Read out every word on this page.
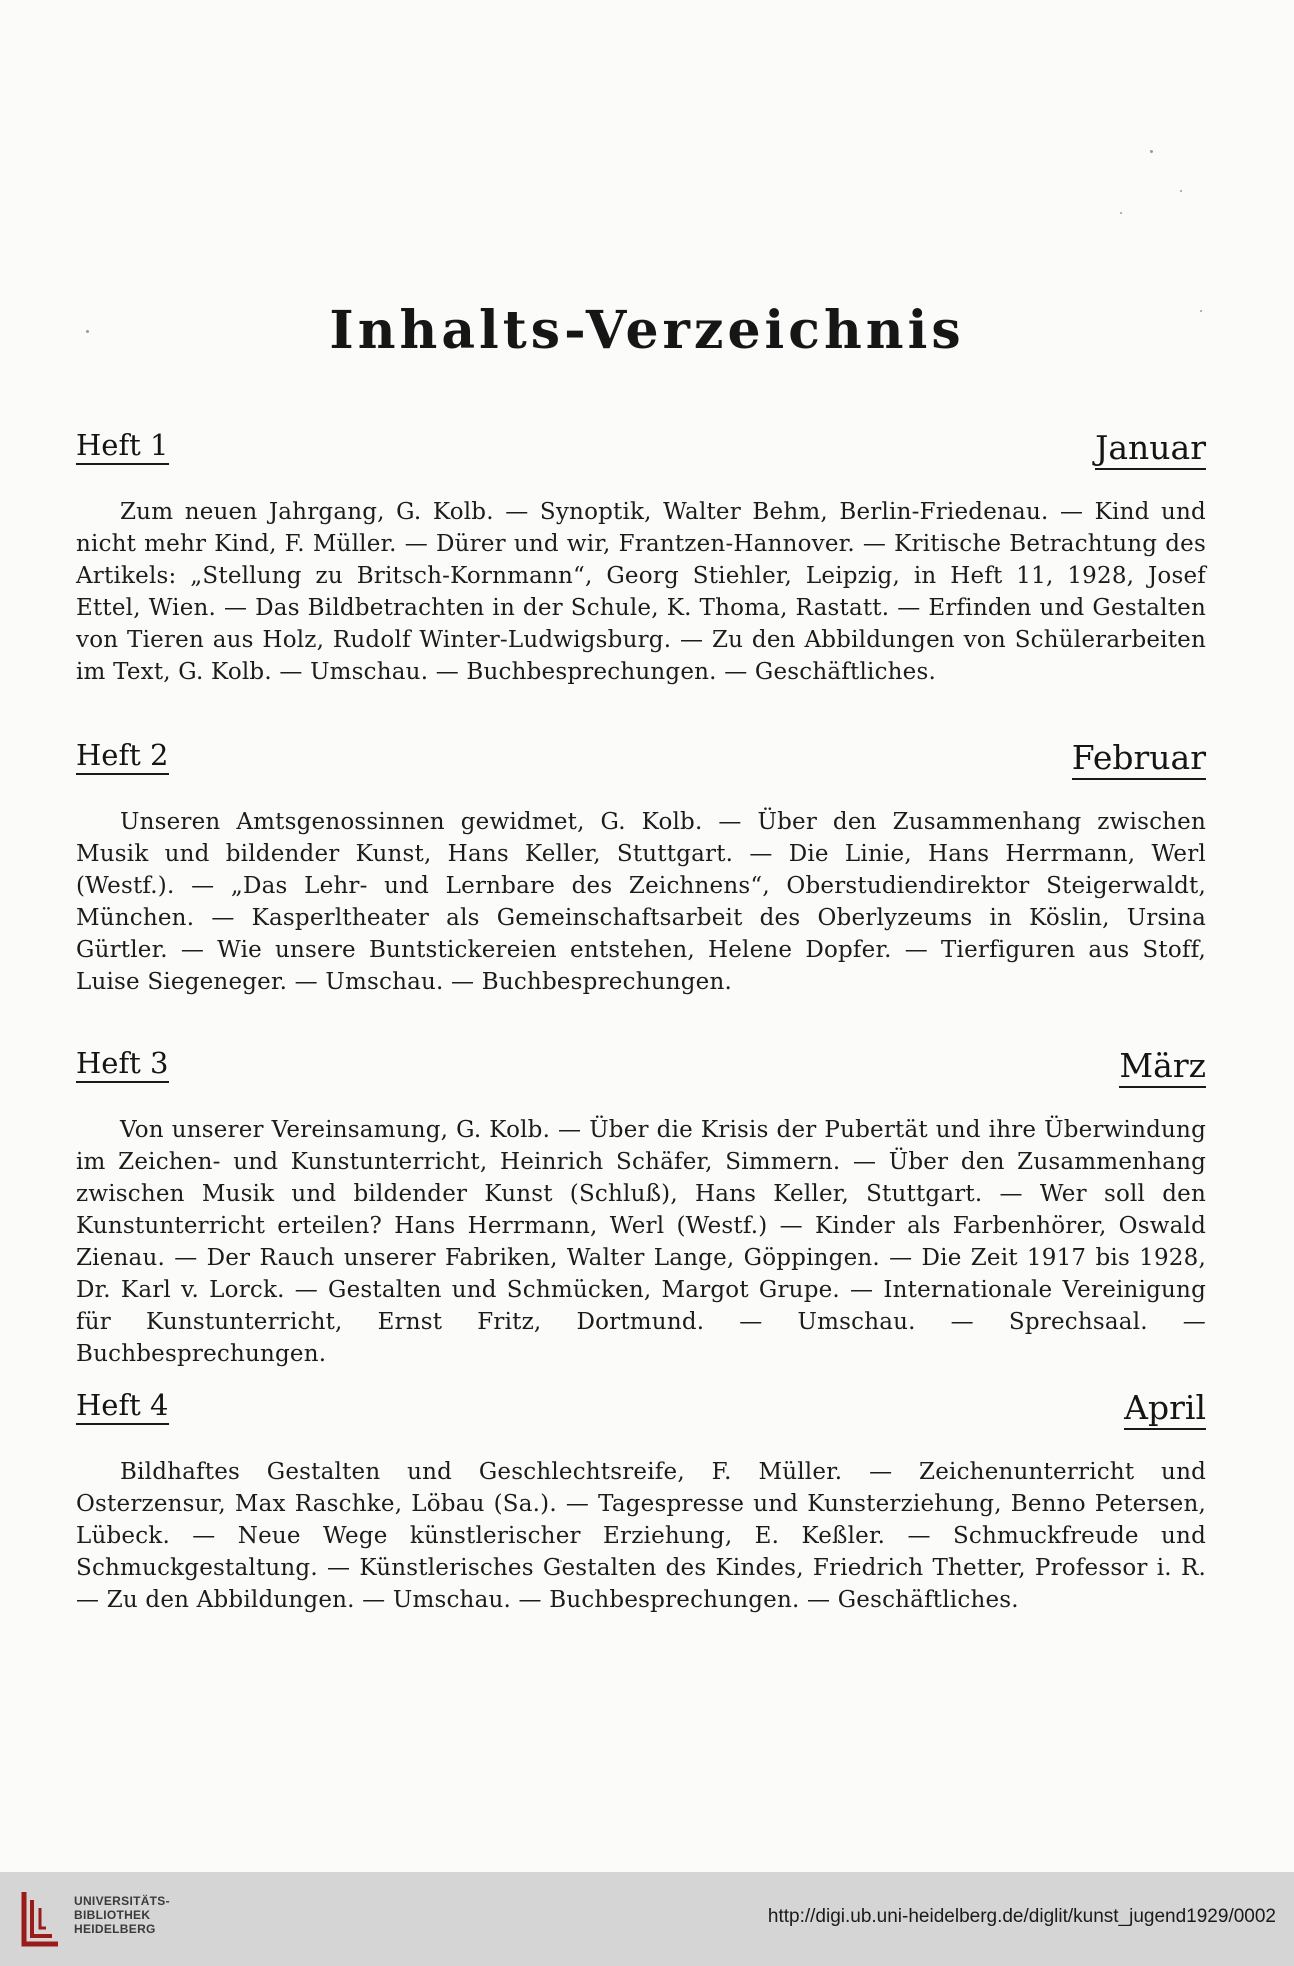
Inhalts-Verzeichnis
Heft 1	Januar
Zum neuen Jahrgang, G. Kolb. — Synoptik, Walter Behm, Berlin-Friedenau. — Kind und nicht mehr Kind, F. Müller. — Dürer und wir, Frantzen-Hannover. — Kritische Betrachtung des Artikels: „Stellung zu Britsch-Kornmann“, Georg Stiehler, Leipzig, in Heft 11, 1928, Josef Ettel, Wien. — Das Bildbetrachten in der Schule, K. Thoma, Rastatt. — Erfinden und Gestalten von Tieren aus Holz, Rudolf Winter-Ludwigsburg. — Zu den Abbildungen von Schülerarbeiten im Text, G. Kolb. — Umschau. — Buchbesprechungen. — Geschäftliches.
Heft 2	Februar
Unseren Amtsgenossinnen gewidmet, G. Kolb. — Über den Zusammenhang zwischen Musik und bildender Kunst, Hans Keller, Stuttgart. — Die Linie, Hans Herrmann, Werl (Westf.). — „Das Lehr- und Lernbare des Zeichnens“, Oberstudiendirektor Steigerwaldt, München. — Kasperltheater als Gemeinschaftsarbeit des Oberlyzeums in Köslin, Ursina Gürtler. — Wie unsere Buntstickereien entstehen, Helene Dopfer. — Tierfiguren aus Stoff, Luise Siegeneger. — Umschau. — Buchbesprechungen.
Heft 3	März
Von unserer Vereinsamung, G. Kolb. — Über die Krisis der Pubertät und ihre Überwindung im Zeichen- und Kunstunterricht, Heinrich Schäfer, Simmern. — Über den Zusammenhang zwischen Musik und bildender Kunst (Schluß), Hans Keller, Stuttgart. — Wer soll den Kunstunterricht erteilen? Hans Herrmann, Werl (Westf.) — Kinder als Farbenhörer, Oswald Zienau. — Der Rauch unserer Fabriken, Walter Lange, Göppingen. — Die Zeit 1917 bis 1928, Dr. Karl v. Lorck. — Gestalten und Schmücken, Margot Grupe. — Internationale Vereinigung für Kunstunterricht, Ernst Fritz, Dortmund. — Umschau. — Sprechsaal. — Buchbesprechungen.
Heft 4	April
Bildhaftes Gestalten und Geschlechtsreife, F. Müller. — Zeichenunterricht und Osterzensur, Max Raschke, Löbau (Sa.). — Tagespresse und Kunsterziehung, Benno Petersen, Lübeck. — Neue Wege künstlerischer Erziehung, E. Keßler. — Schmuckfreude und Schmuckgestaltung. — Künstlerisches Gestalten des Kindes, Friedrich Thetter, Professor i. R. — Zu den Abbildungen. — Umschau. — Buchbesprechungen. — Geschäftliches.
UNIVERSITÄTS-
BIBLIOTHEK
HEIDELBERG
http://digi.ub.uni-heidelberg.de/diglit/kunst_jugend1929/0002
